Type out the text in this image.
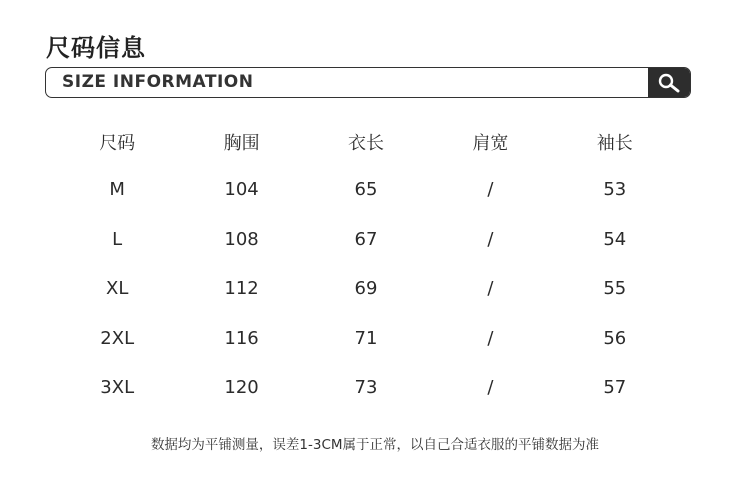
尺码信息
SIZE INFORMATION
尺码	胸围	衣长	肩宽	袖长
M	104	65	/	53
L	108	67	/	54
XL	112	69	/	55
2XL	116	71	/	56
3XL	120	73	/	57
数据均为平铺测量，误差1-3CM属于正常，以自己合适衣服的平铺数据为准
